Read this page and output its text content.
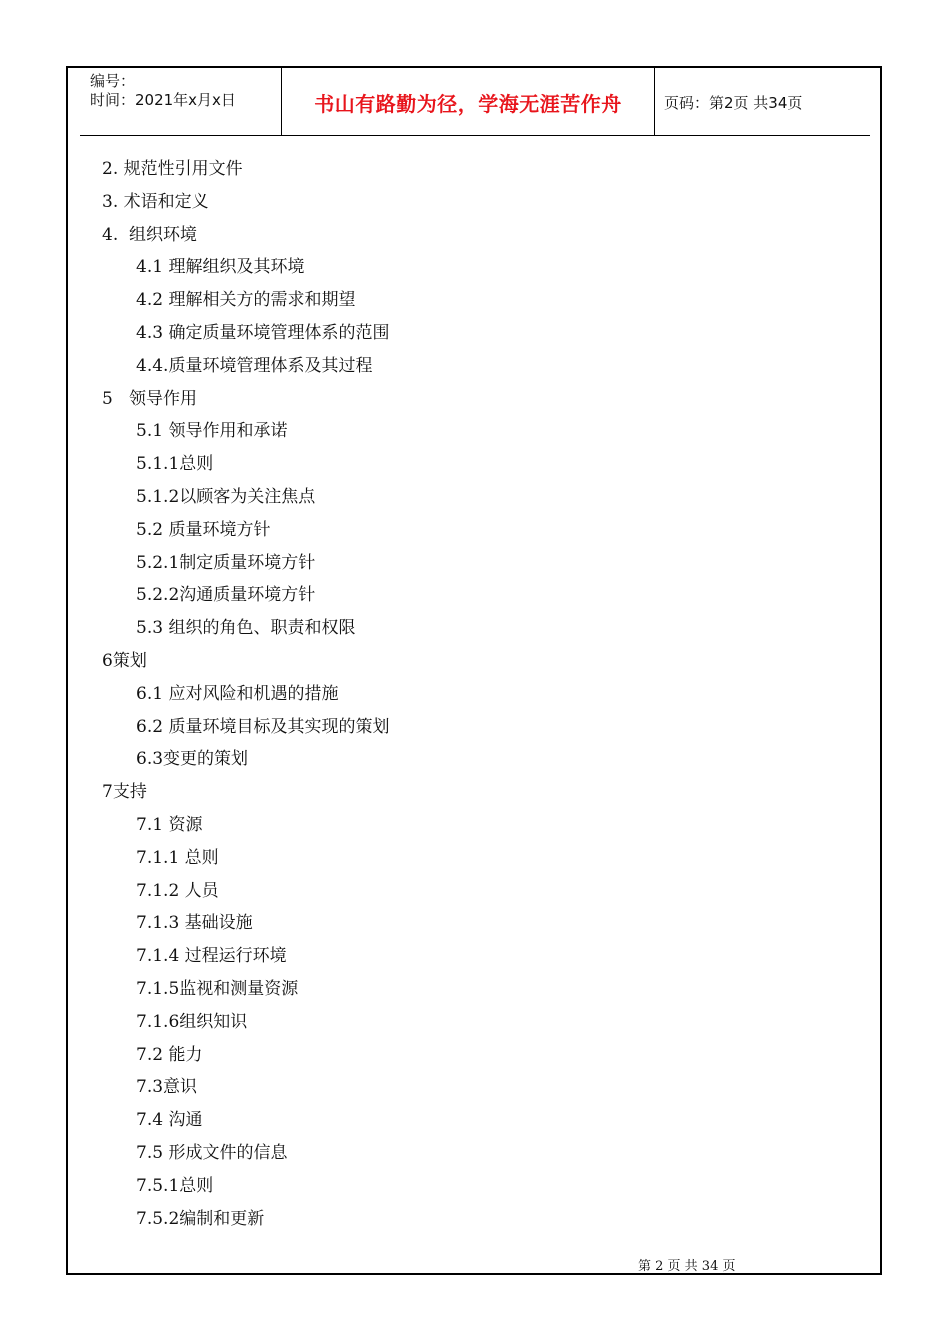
编号：
时间：2021年x月x日	书山有路勤为径，学海无涯苦作舟	页码：第2页 共34页
2. 规范性引用文件
3. 术语和定义
4.  组织环境
4.1 理解组织及其环境
4.2 理解相关方的需求和期望
4.3 确定质量环境管理体系的范围
4.4.质量环境管理体系及其过程
5   领导作用
5.1 领导作用和承诺
5.1.1总则
5.1.2以顾客为关注焦点
5.2 质量环境方针
5.2.1制定质量环境方针
5.2.2沟通质量环境方针
5.3 组织的角色、职责和权限
6策划
6.1 应对风险和机遇的措施
6.2 质量环境目标及其实现的策划
6.3变更的策划
7支持
7.1 资源
7.1.1 总则
7.1.2 人员
7.1.3 基础设施
7.1.4 过程运行环境
7.1.5监视和测量资源
7.1.6组织知识
7.2 能力
7.3意识
7.4 沟通
7.5 形成文件的信息
7.5.1总则
7.5.2编制和更新
第 2 页 共 34 页
